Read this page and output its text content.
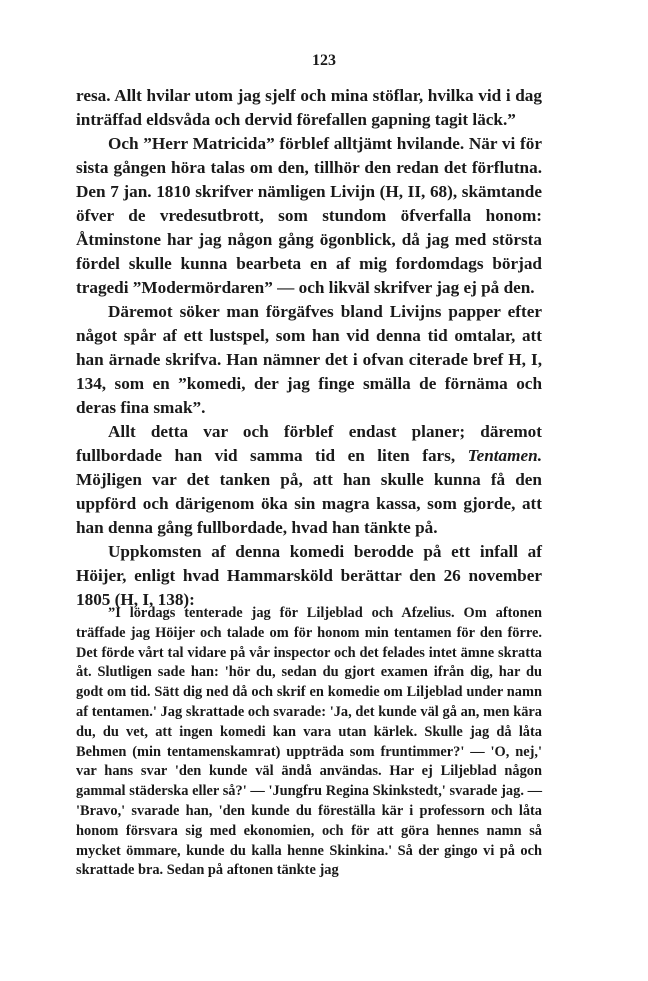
123

resa. Allt hvilar utom jag sjelf och mina stöflar, hvilka vid i dag inträffad eldsvåda och dervid förefallen gapning tagit läck.”

Och ”Herr Matricida” förblef alltjämt hvilande. När vi för sista gången höra talas om den, tillhör den redan det förflutna. Den 7 jan. 1810 skrifver nämligen Livijn (H, II, 68), skämtande öfver de vredesutbrott, som stundom öfverfalla honom: Åtminstone har jag någon gång ögonblick, då jag med största fördel skulle kunna bearbeta en af mig fordomdags börjad tragedi ”Modermördaren” — och likväl skrifver jag ej på den.

Däremot söker man förgäfves bland Livijns papper efter något spår af ett lustspel, som han vid denna tid omtalar, att han ärnade skrifva. Han nämner det i ofvan citerade bref H, I, 134, som en ”komedi, der jag finge smälla de förnäma och deras fina smak”.

Allt detta var och förblef endast planer; däremot fullbordade han vid samma tid en liten fars, Tentamen. Möjligen var det tanken på, att han skulle kunna få den uppförd och därigenom öka sin magra kassa, som gjorde, att han denna gång fullbordade, hvad han tänkte på.

Uppkomsten af denna komedi berodde på ett infall af Höijer, enligt hvad Hammarsköld berättar den 26 november 1805 (H, I, 138):

”I lördags tenterade jag för Liljeblad och Afzelius. Om aftonen träffade jag Höijer och talade om för honom min tentamen för den förre. Det förde vårt tal vidare på vår inspector och det felades intet ämne skratta åt. Slutligen sade han: 'hör du, sedan du gjort examen ifrån dig, har du godt om tid. Sätt dig ned då och skrif en komedie om Liljeblad under namn af tentamen.' Jag skrattade och svarade: 'Ja, det kunde väl gå an, men kära du, du vet, att ingen komedi kan vara utan kärlek. Skulle jag då låta Behmen (min tentamenskamrat) uppträda som fruntimmer?' — 'O, nej,' var hans svar 'den kunde väl ändå användas. Har ej Liljeblad någon gammal städerska eller så?' — 'Jungfru Regina Skinkstedt,' svarade jag. — 'Bravo,' svarade han, 'den kunde du föreställa kär i professorn och låta honom försvara sig med ekonomien, och för att göra hennes namn så mycket ömmare, kunde du kalla henne Skinkina.' Så der gingo vi på och skrattade bra. Sedan på aftonen tänkte jag
